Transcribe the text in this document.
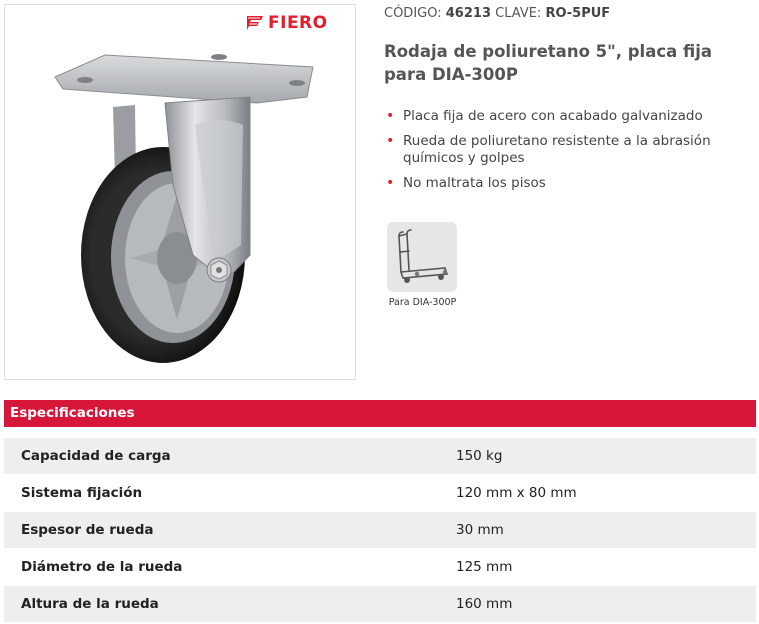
FIERO	CÓDIGO: 46213 CLAVE: RO-5PUF
Rodaja de poliuretano 5", placa fija para DIA-300P
• Placa fija de acero con acabado galvanizado
• Rueda de poliuretano resistente a la abrasión químicos y golpes
• No maltrata los pisos
Para DIA-300P
Especificaciones
Capacidad de carga	150 kg
Sistema fijación	120 mm x 80 mm
Espesor de rueda	30 mm
Diámetro de la rueda	125 mm
Altura de la rueda	160 mm
